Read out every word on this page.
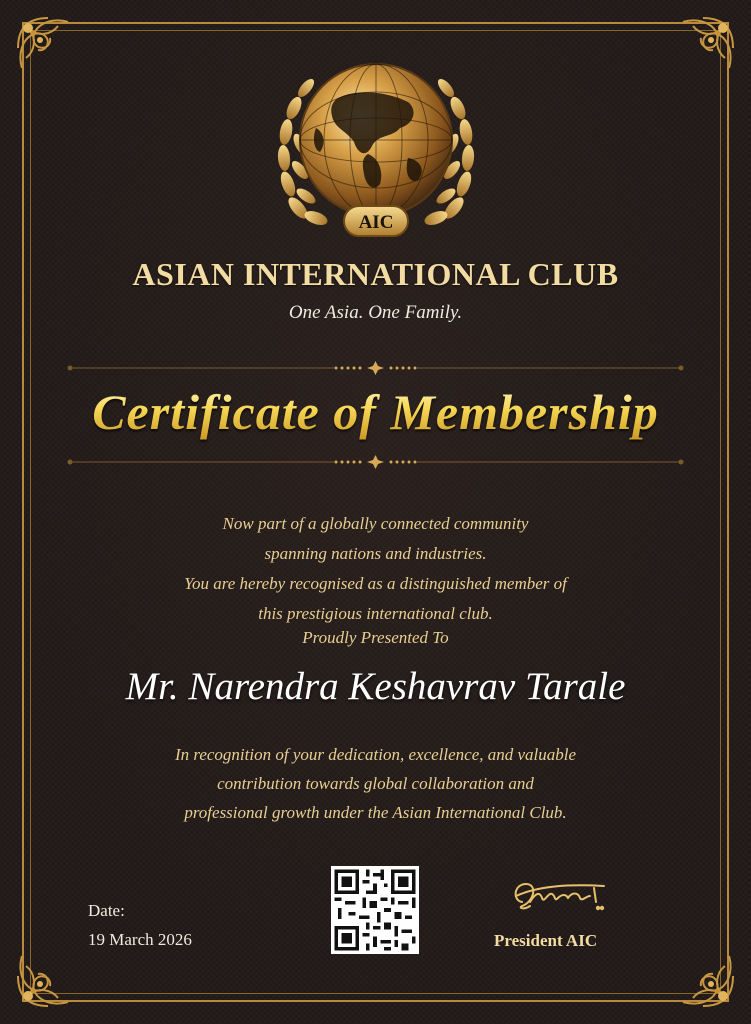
AIC
ASIAN INTERNATIONAL CLUB
One Asia. One Family.
Certificate of Membership
Now part of a globally connected community
spanning nations and industries.
You are hereby recognised as a distinguished member of
this prestigious international club.
Proudly Presented To
Mr. Narendra Keshavrav Tarale
In recognition of your dedication, excellence, and valuable
contribution towards global collaboration and
professional growth under the Asian International Club.
Date:
19 March 2026	President AIC
